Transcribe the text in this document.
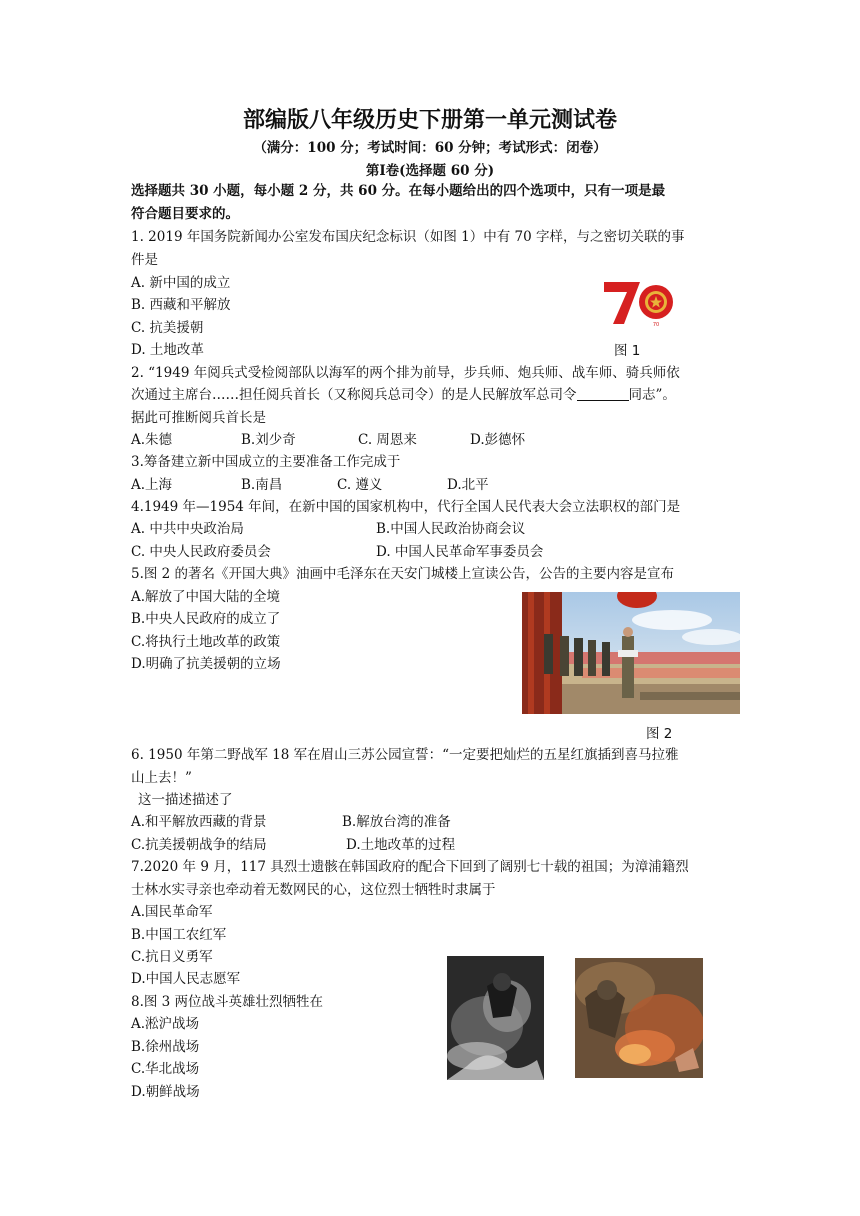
部编版八年级历史下册第一单元测试卷
（满分：100 分；考试时间：60 分钟；考试形式：闭卷）
第Ⅰ卷(选择题 60 分)
选择题共 30 小题，每小题 2 分，共 60 分。在每小题给出的四个选项中，只有一项是最
符合题目要求的。
1. 2019 年国务院新闻办公室发布国庆纪念标识（如图 1）中有 70 字样，与之密切关联的事
件是
A. 新中国的成立
B. 西藏和平解放
C. 抗美援朝
D. 土地改革
70
图 1
2. “1949 年阅兵式受检阅部队以海军的两个排为前导，步兵师、炮兵师、战车师、骑兵师依
次通过主席台……担任阅兵首长（又称阅兵总司令）的是人民解放军总司令	同志”。
据此可推断阅兵首长是
A.朱德	B.刘少奇	C. 周恩来	D.彭德怀
3.筹备建立新中国成立的主要准备工作完成于
A.上海	B.南昌	C. 遵义	D.北平
4.1949 年—1954 年间，在新中国的国家机构中，代行全国人民代表大会立法职权的部门是
A. 中共中央政治局	B.中国人民政治协商会议
C. 中央人民政府委员会	D. 中国人民革命军事委员会
5.图 2 的著名《开国大典》油画中毛泽东在天安门城楼上宣读公告，公告的主要内容是宣布
A.解放了中国大陆的全境
B.中央人民政府的成立了
C.将执行土地改革的政策
D.明确了抗美援朝的立场
图 2
6. 1950 年第二野战军 18 军在眉山三苏公园宣誓：“一定要把灿烂的五星红旗插到喜马拉雅
山上去！”
这一描述描述了
A.和平解放西藏的背景	B.解放台湾的准备
C.抗美援朝战争的结局	D.土地改革的过程
7.2020 年 9 月，117 具烈士遗骸在韩国政府的配合下回到了阔别七十载的祖国；为漳浦籍烈
士林水实寻亲也牵动着无数网民的心，这位烈士牺牲时隶属于
A.国民革命军
B.中国工农红军
C.抗日义勇军
D.中国人民志愿军
8.图 3 两位战斗英雄壮烈牺牲在
A.淞沪战场
B.徐州战场
C.华北战场
D.朝鲜战场
